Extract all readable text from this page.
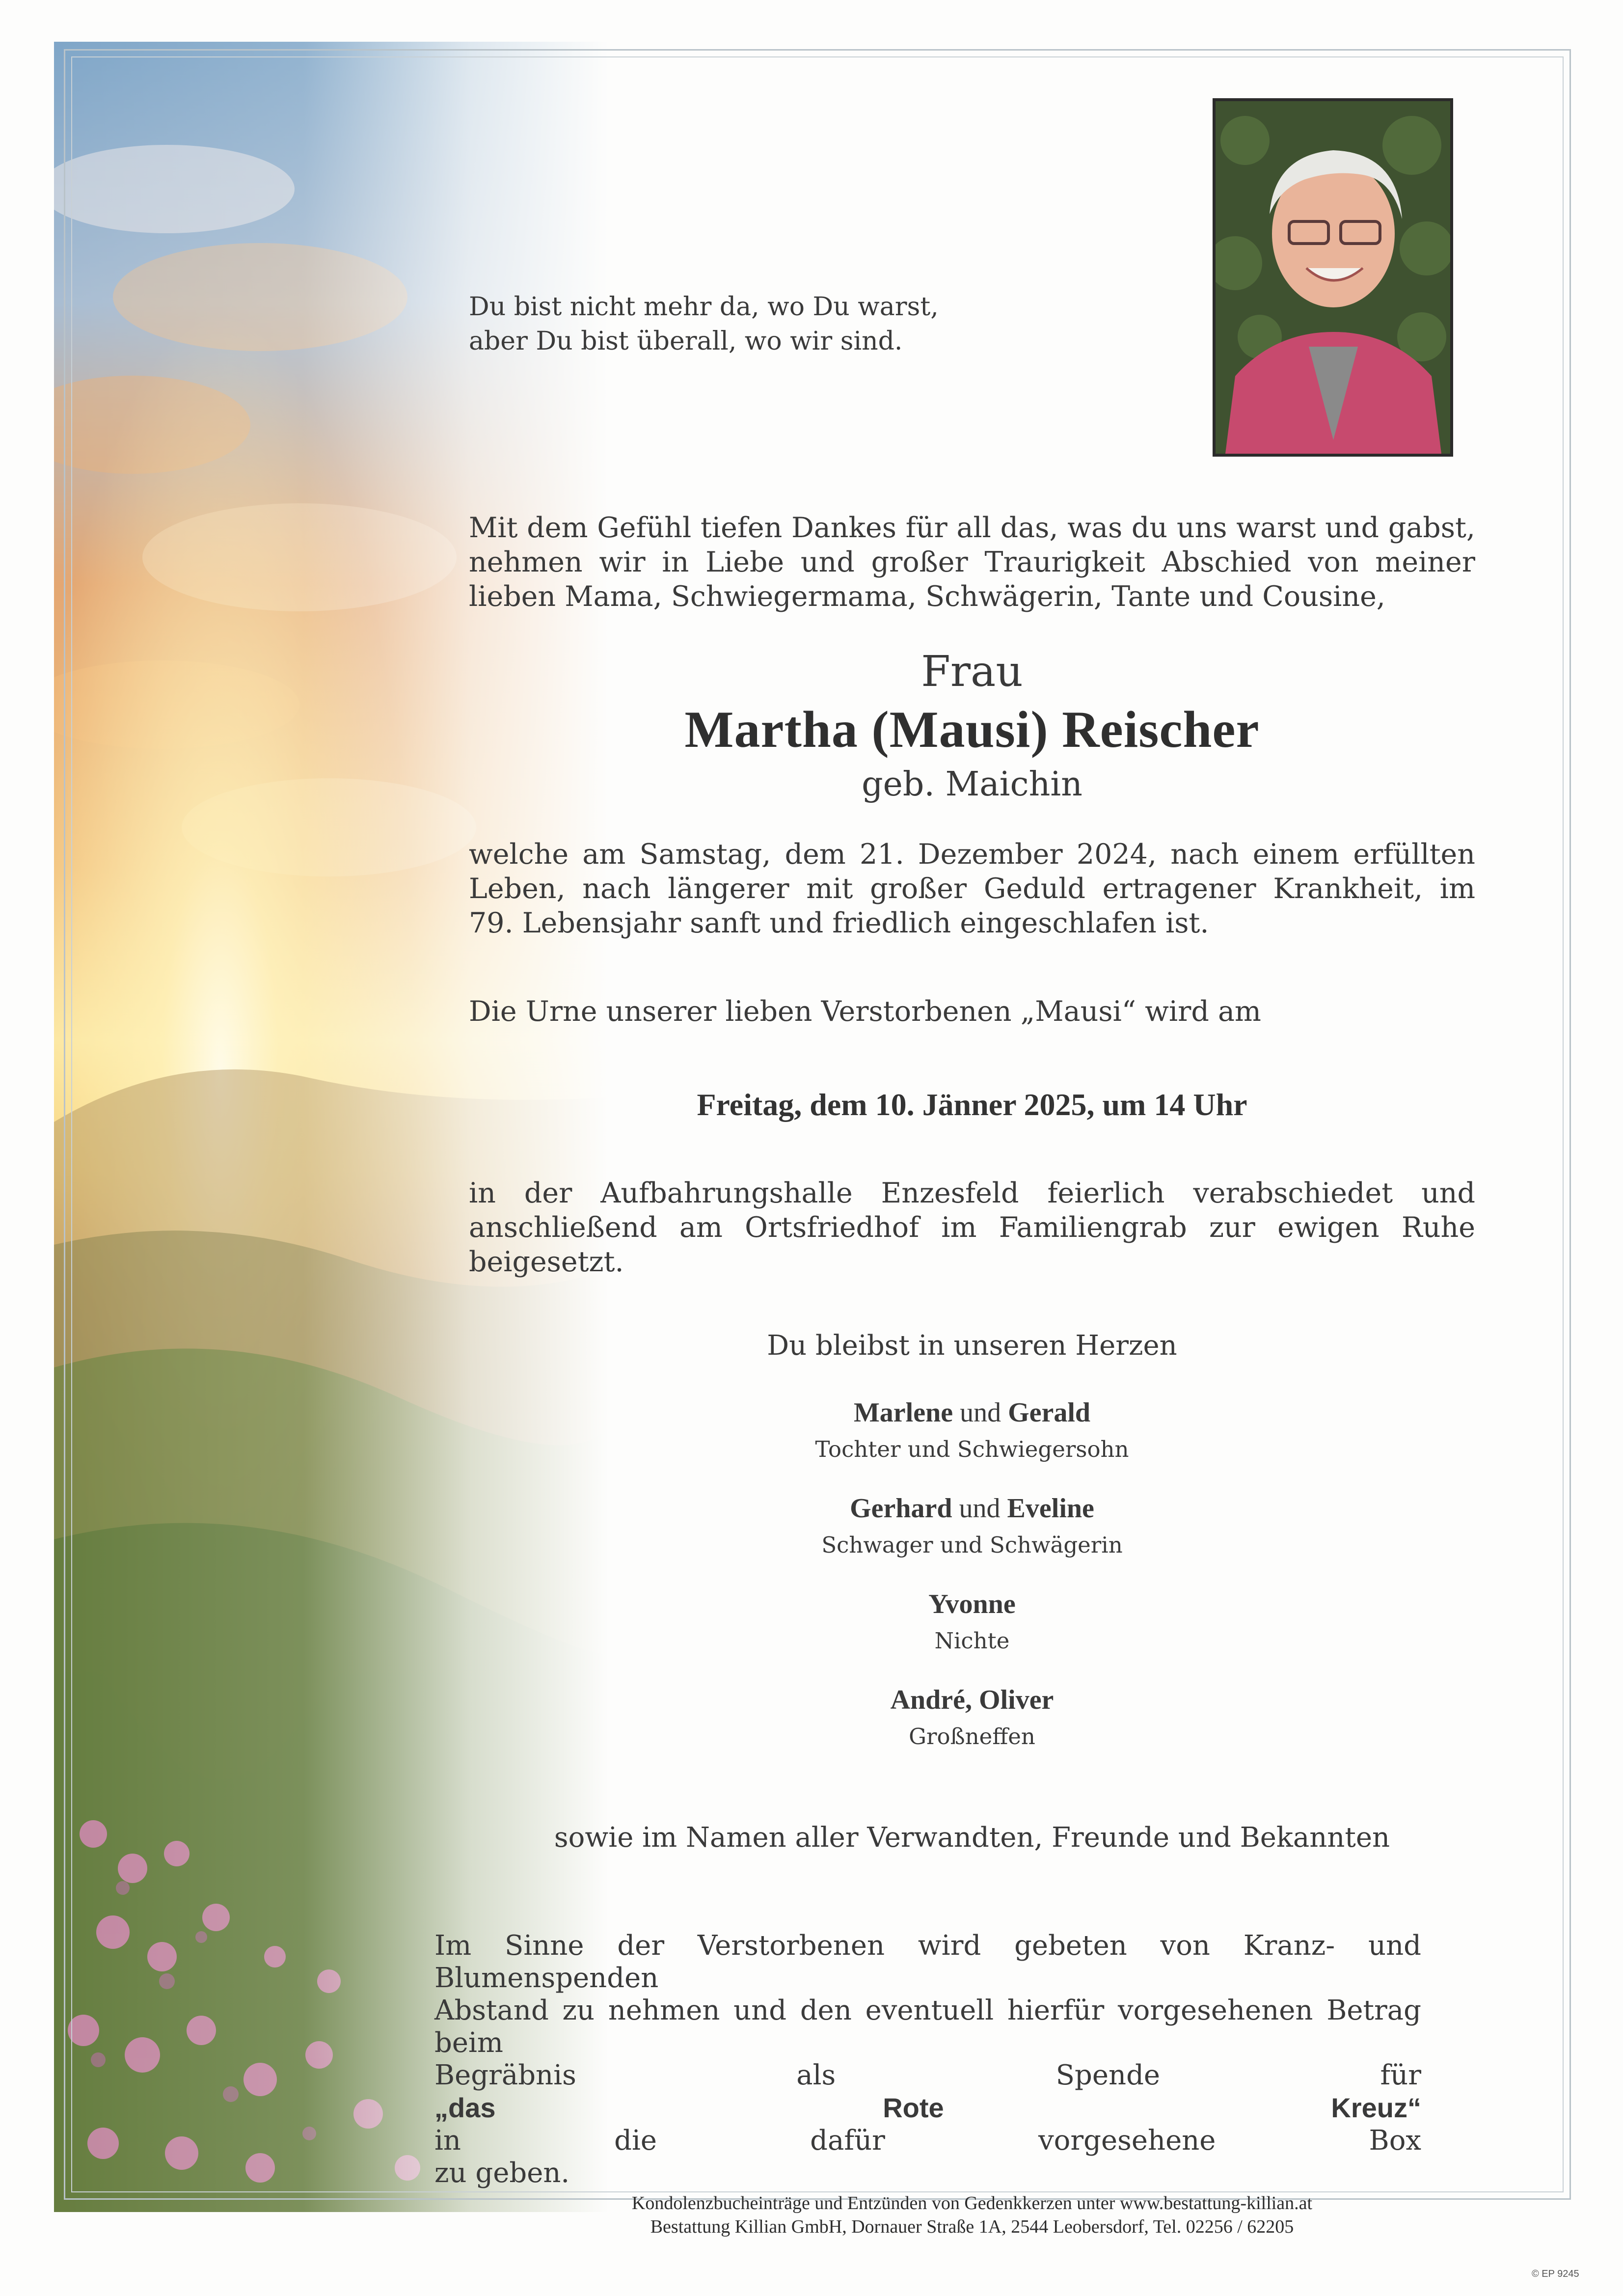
Du bist nicht mehr da, wo Du warst,
aber Du bist überall, wo wir sind.

Mit dem Gefühl tiefen Dankes für all das, was du uns warst und gabst,
nehmen wir in Liebe und großer Traurigkeit Abschied von meiner
lieben Mama, Schwiegermama, Schwägerin, Tante und Cousine,
Frau
Martha (Mausi) Reischer
geb. Maichin
welche am Samstag, dem 21. Dezember 2024, nach einem erfüllten
Leben, nach längerer mit großer Geduld ertragener Krankheit, im
79. Lebensjahr sanft und friedlich eingeschlafen ist.
Die Urne unserer lieben Verstorbenen „Mausi“ wird am
Freitag, dem 10. Jänner 2025, um 14 Uhr
in der Aufbahrungshalle Enzesfeld feierlich verabschiedet und
anschließend am Ortsfriedhof im Familiengrab zur ewigen Ruhe
beigesetzt.
Du bleibst in unseren Herzen
Marlene und Gerald
Tochter und Schwiegersohn
Gerhard und Eveline
Schwager und Schwägerin
Yvonne
Nichte
André, Oliver
Großneffen
sowie im Namen aller Verwandten, Freunde und Bekannten
Im Sinne der Verstorbenen wird gebeten von Kranz- und Blumenspenden
Abstand zu nehmen und den eventuell hierfür vorgesehenen Betrag beim
Begräbnis als Spende für
„das Rote Kreuz“
in die dafür vorgesehene Box
zu geben.
Kondolenzbucheinträge und Entzünden von Gedenkkerzen unter www.bestattung-killian.at
Bestattung Killian GmbH, Dornauer Straße 1A, 2544 Leobersdorf, Tel. 02256 / 62205
© EP 9245
